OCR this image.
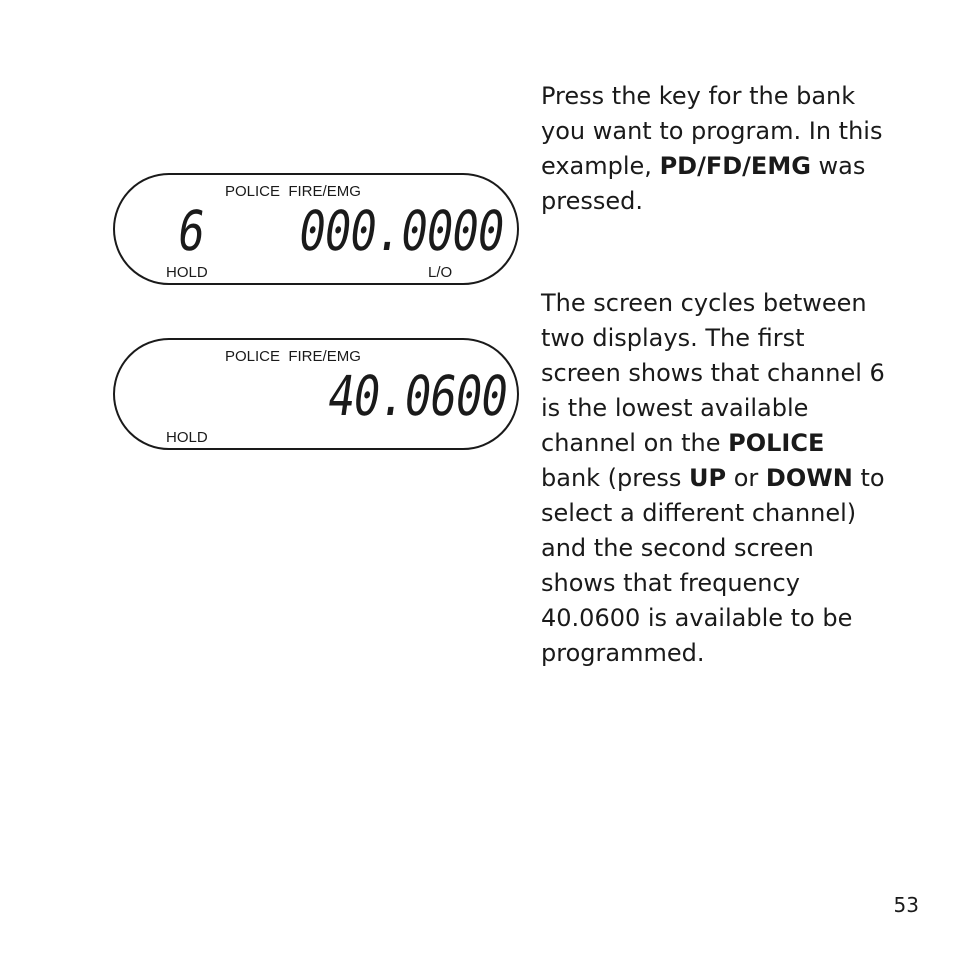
POLICE  FIRE/EMG
6 000.0000
HOLD	L/O
POLICE  FIRE/EMG
40.0600
HOLD
Press the key for the bank you want to program. In this example, PD/FD/EMG was pressed.
The screen cycles between two displays. The first screen shows that channel 6 is the lowest available channel on the POLICE bank (press UP or DOWN to select a different channel) and the second screen shows that frequency 40.0600 is available to be programmed.
53
